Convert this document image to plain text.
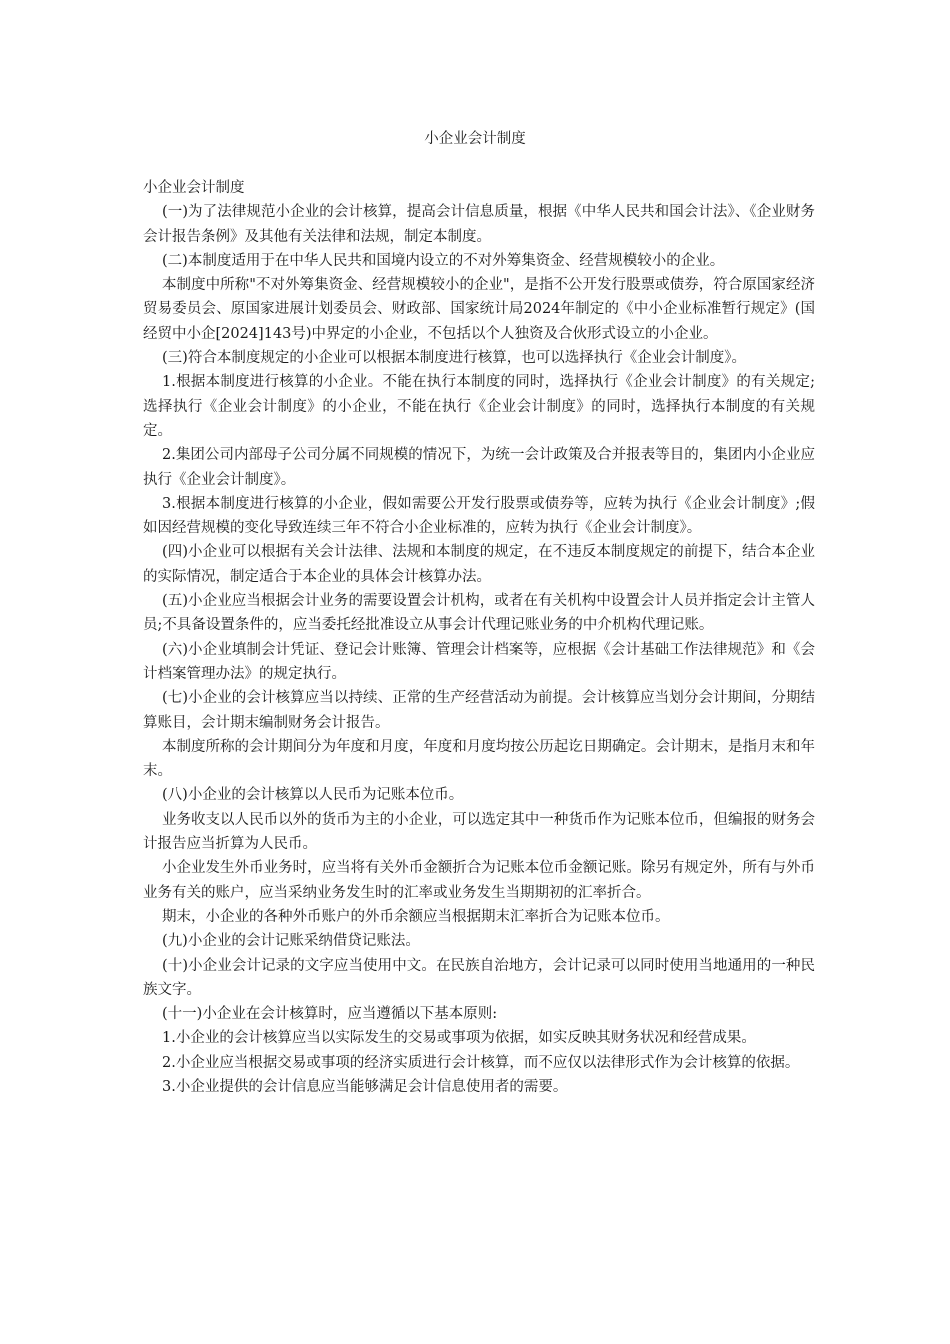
小企业会计制度

小企业会计制度

(一)为了法律规范小企业的会计核算，提高会计信息质量，根据《中华人民共和国会计法》、《企业财务会计报告条例》及其他有关法律和法规，制定本制度。

(二)本制度适用于在中华人民共和国境内设立的不对外筹集资金、经营规模较小的企业。

本制度中所称"不对外筹集资金、经营规模较小的企业"，是指不公开发行股票或债券，符合原国家经济贸易委员会、原国家进展计划委员会、财政部、国家统计局2024年制定的《中小企业标准暂行规定》(国经贸中小企[2024]143号)中界定的小企业，不包括以个人独资及合伙形式设立的小企业。

(三)符合本制度规定的小企业可以根据本制度进行核算，也可以选择执行《企业会计制度》。

1.根据本制度进行核算的小企业。不能在执行本制度的同时，选择执行《企业会计制度》的有关规定;选择执行《企业会计制度》的小企业，不能在执行《企业会计制度》的同时，选择执行本制度的有关规定。

2.集团公司内部母子公司分属不同规模的情况下，为统一会计政策及合并报表等目的，集团内小企业应执行《企业会计制度》。

3.根据本制度进行核算的小企业，假如需要公开发行股票或债券等，应转为执行《企业会计制度》;假如因经营规模的变化导致连续三年不符合小企业标准的，应转为执行《企业会计制度》。

(四)小企业可以根据有关会计法律、法规和本制度的规定，在不违反本制度规定的前提下，结合本企业的实际情况，制定适合于本企业的具体会计核算办法。

(五)小企业应当根据会计业务的需要设置会计机构，或者在有关机构中设置会计人员并指定会计主管人员;不具备设置条件的，应当委托经批准设立从事会计代理记账业务的中介机构代理记账。

(六)小企业填制会计凭证、登记会计账簿、管理会计档案等，应根据《会计基础工作法律规范》和《会计档案管理办法》的规定执行。

(七)小企业的会计核算应当以持续、正常的生产经营活动为前提。会计核算应当划分会计期间，分期结算账目，会计期末编制财务会计报告。

本制度所称的会计期间分为年度和月度，年度和月度均按公历起讫日期确定。会计期末，是指月末和年末。

(八)小企业的会计核算以人民币为记账本位币。

业务收支以人民币以外的货币为主的小企业，可以选定其中一种货币作为记账本位币，但编报的财务会计报告应当折算为人民币。

小企业发生外币业务时，应当将有关外币金额折合为记账本位币金额记账。除另有规定外，所有与外币业务有关的账户，应当采纳业务发生时的汇率或业务发生当期期初的汇率折合。

期末，小企业的各种外币账户的外币余额应当根据期末汇率折合为记账本位币。

(九)小企业的会计记账采纳借贷记账法。

(十)小企业会计记录的文字应当使用中文。在民族自治地方，会计记录可以同时使用当地通用的一种民族文字。

(十一)小企业在会计核算时，应当遵循以下基本原则:

1.小企业的会计核算应当以实际发生的交易或事项为依据，如实反映其财务状况和经营成果。

2.小企业应当根据交易或事项的经济实质进行会计核算，而不应仅以法律形式作为会计核算的依据。

3.小企业提供的会计信息应当能够满足会计信息使用者的需要。
